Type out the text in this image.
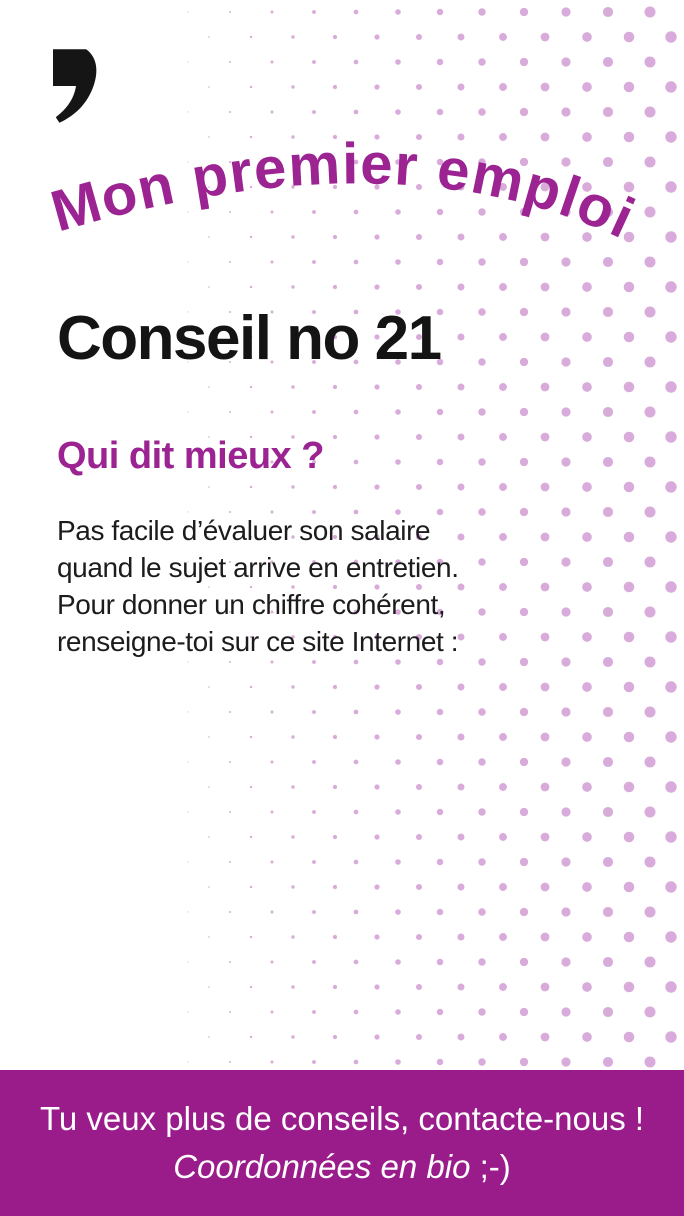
Mon premier emploi
Conseil no 21
Qui dit mieux ?
Pas facile d’évaluer son salaire
quand le sujet arrive en entretien.
Pour donner un chiffre cohérent,
renseigne-toi sur ce site Internet :
Tu veux plus de conseils, contacte-nous !
Coordonnées en bio ;-)
